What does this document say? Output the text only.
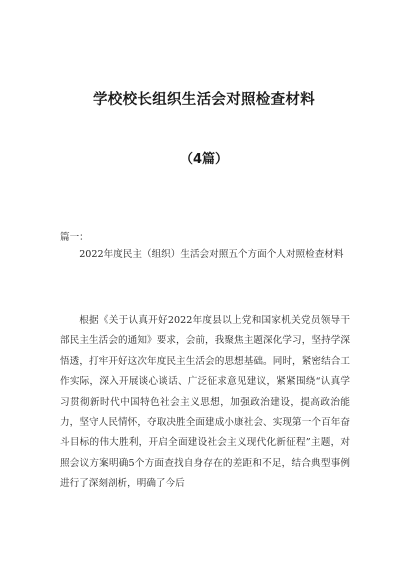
学校校长组织生活会对照检查材料
（4篇）
篇一：
2022年度民主（组织）生活会对照五个方面个人对照检查材料
根据《关于认真开好2022年度县以上党和国家机关党员领导干部民主生活会的通知》要求，会前，我聚焦主题深化学习，坚持学深悟透，打牢开好这次年度民主生活会的思想基础。同时，紧密结合工作实际，深入开展谈心谈话、广泛征求意见建议，紧紧围绕“认真学习贯彻新时代中国特色社会主义思想，加强政治建设，提高政治能力，坚守人民情怀，夺取决胜全面建成小康社会、实现第一个百年奋斗目标的伟大胜利，开启全面建设社会主义现代化新征程”主题，对照会议方案明确5个方面查找自身存在的差距和不足，结合典型事例进行了深刻剖析，明确了今后
